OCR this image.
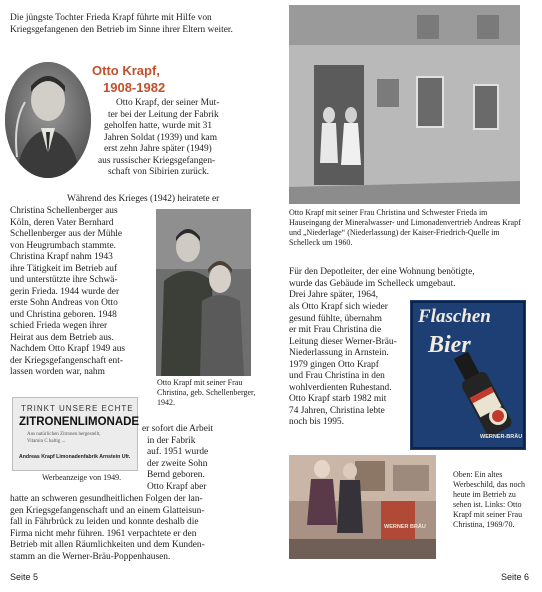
Die jüngste Tochter Frieda Krapf führte mit Hilfe von Kriegsgefangenen den Betrieb im Sinne ihrer Eltern weiter.
Otto Krapf,
1908-1982
Otto Krapf, der seiner Mut-
ter bei der Leitung der Fabrik
geholfen hatte, wurde mit 31
Jahren Soldat (1939) und kam
erst zehn Jahre später (1949)
aus russischer Kriegsgefangen-
schaft von Sibirien zurück.
Während des Krieges (1942) heiratete er
Christina Schellenberger aus
Köln, deren Vater Bernhard
Schellenberger aus der Mühle
von Heugrumbach stammte.
Christina Krapf nahm 1943
ihre Tätigkeit im Betrieb auf
und unterstützte ihre Schwä-
gerin Frieda. 1944 wurde der
erste Sohn Andreas von Otto
und Christina geboren. 1948
schied Frieda wegen ihrer
Heirat aus dem Betrieb aus.
Nachdem Otto Krapf 1949 aus
der Kriegsgefangenschaft ent-
lassen worden war, nahm
Otto Krapf mit seiner Frau Christina, geb. Schellenberger, 1942.
TRINKT UNSERE ECHTE
ZITRONENLIMONADE
Aus natürlichen Zitronen hergestellt,
Vitamin C haltig ...
Andreas Krapf Limonadenfabrik Arnstein Ufr.
Werbeanzeige von 1949.
er sofort die Arbeit
in der Fabrik
auf. 1951 wurde
der zweite Sohn
Bernd geboren.
Otto Krapf aber
hatte an schweren gesundheitlichen Folgen der lan-
gen Kriegsgefangenschaft und an einem Glatteisun-
fall in Fährbrück zu leiden und konnte deshalb die
Firma nicht mehr führen. 1961 verpachtete er den
Betrieb mit allen Räumlichkeiten und dem Kunden-
stamm an die Werner-Bräu-Poppenhausen.
Seite 5
Otto Krapf mit seiner Frau Christina und Schwester Frieda im Hauseingang der Mineralwasser- und Limonadenvertrieb Andreas Krapf und „Niederlage“ (Niederlassung) der Kaiser-Friedrich-Quelle im Schelleck um 1960.
Für den Depotleiter, der eine Wohnung benötigte,
wurde das Gebäude im Schelleck umgebaut.
Drei Jahre später, 1964,
als Otto Krapf sich wieder
gesund fühlte, übernahm
er mit Frau Christina die
Leitung dieser Werner-Bräu-
Niederlassung in Arnstein.
1979 gingen Otto Krapf
und Frau Christina in den
wohlverdienten Ruhestand.
Otto Krapf starb 1982 mit
74 Jahren, Christina lebte
noch bis 1995.
Flaschen
Bier
WERNER-BRÄU
WERNER BRÄU
Oben: Ein altes Werbeschild, das noch heute im Betrieb zu sehen ist. Links: Otto Krapf mit seiner Frau Christina, 1969/70.
Seite 6
